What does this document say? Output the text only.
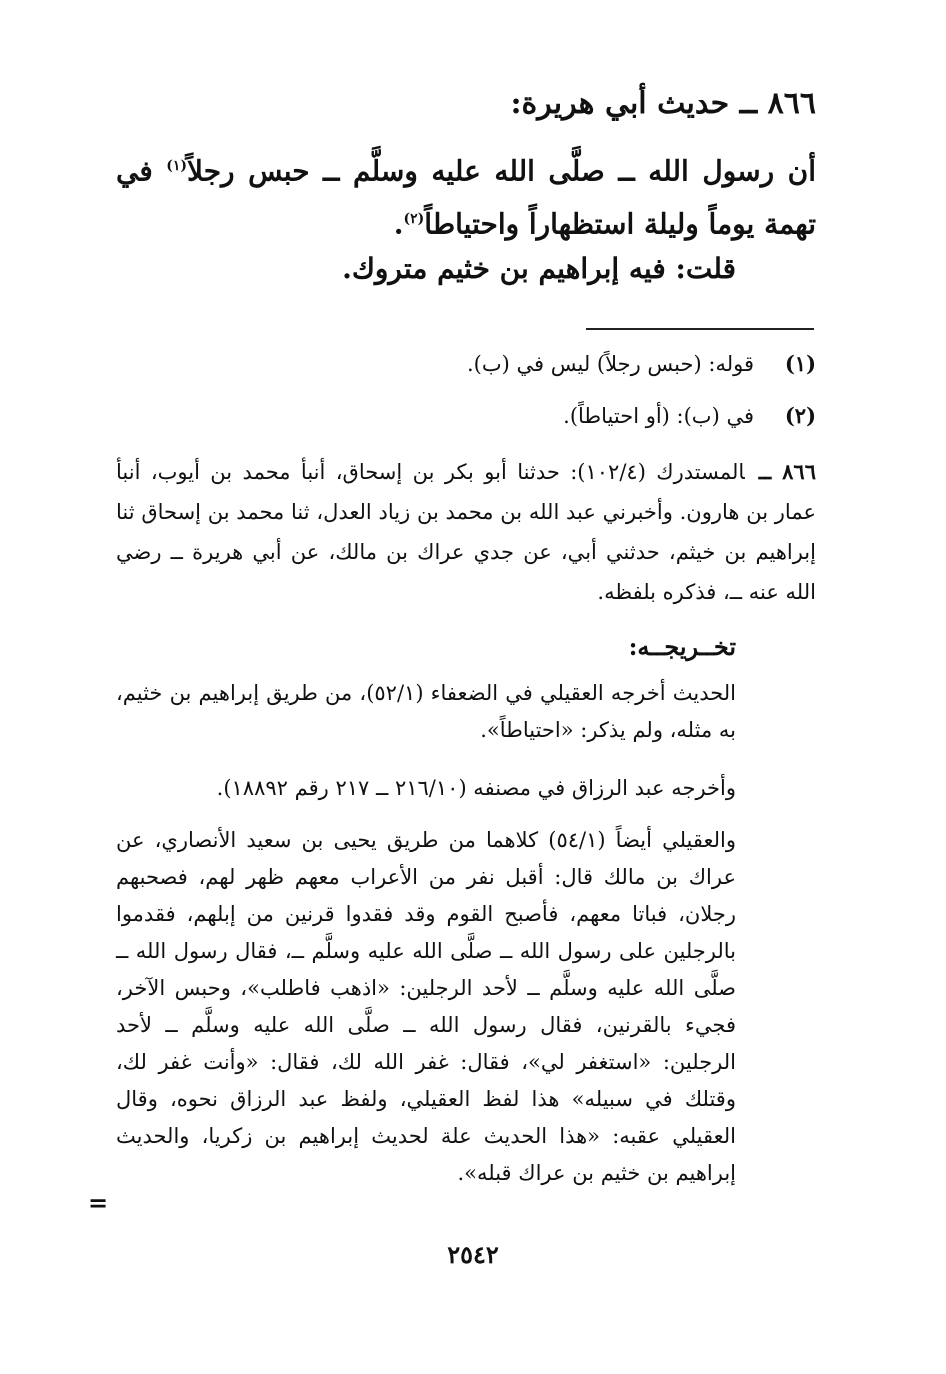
٨٦٦ ــ حديث أبي هريرة:
أن رسول الله ــ صلَّى الله عليه وسلَّم ــ حبس رجلاً$^{(١)}$ في تهمة يوماً وليلة استظهاراً واحتياطاً$^{(٢)}$.
قلت: فيه إبراهيم بن خثيم متروك.
(١)قوله: (حبس رجلاً) ليس في (ب).
(٢)في (ب): (أو احتياطاً).
٨٦٦ ــالمستدرك (١٠٢/٤): حدثنا أبو بكر بن إسحاق، أنبأ محمد بن أيوب، أنبأ عمار بن هارون. وأخبرني عبد الله بن محمد بن زياد العدل، ثنا محمد بن إسحاق ثنا إبراهيم بن خيثم، حدثني أبي، عن جدي عراك بن مالك، عن أبي هريرة ــ رضي الله عنه ــ، فذكره بلفظه.
تخــريجــه:
الحديث أخرجه العقيلي في الضعفاء (٥٢/١)، من طريق إبراهيم بن خثيم، به مثله، ولم يذكر: «احتياطاً».
وأخرجه عبد الرزاق في مصنفه (٢١٦/١٠ ــ ٢١٧ رقم ١٨٨٩٢).
والعقيلي أيضاً (٥٤/١) كلاهما من طريق يحيى بن سعيد الأنصاري، عن عراك بن مالك قال: أقبل نفر من الأعراب معهم ظهر لهم، فصحبهم رجلان، فباتا معهم، فأصبح القوم وقد فقدوا قرنين من إبلهم، فقدموا بالرجلين على رسول الله ــ صلَّى الله عليه وسلَّم ــ، فقال رسول الله ــ صلَّى الله عليه وسلَّم ــ لأحد الرجلين: «اذهب فاطلب»، وحبس الآخر، فجيء بالقرنين، فقال رسول الله ــ صلَّى الله عليه وسلَّم ــ لأحد الرجلين: «استغفر لي»، فقال: غفر الله لك، فقال: «وأنت غفر لك، وقتلك في سبيله» هذا لفظ العقيلي، ولفظ عبد الرزاق نحوه، وقال العقيلي عقبه: «هذا الحديث علة لحديث إبراهيم بن زكريا، والحديث إبراهيم بن خثيم بن عراك قبله».
=
٢٥٤٢
